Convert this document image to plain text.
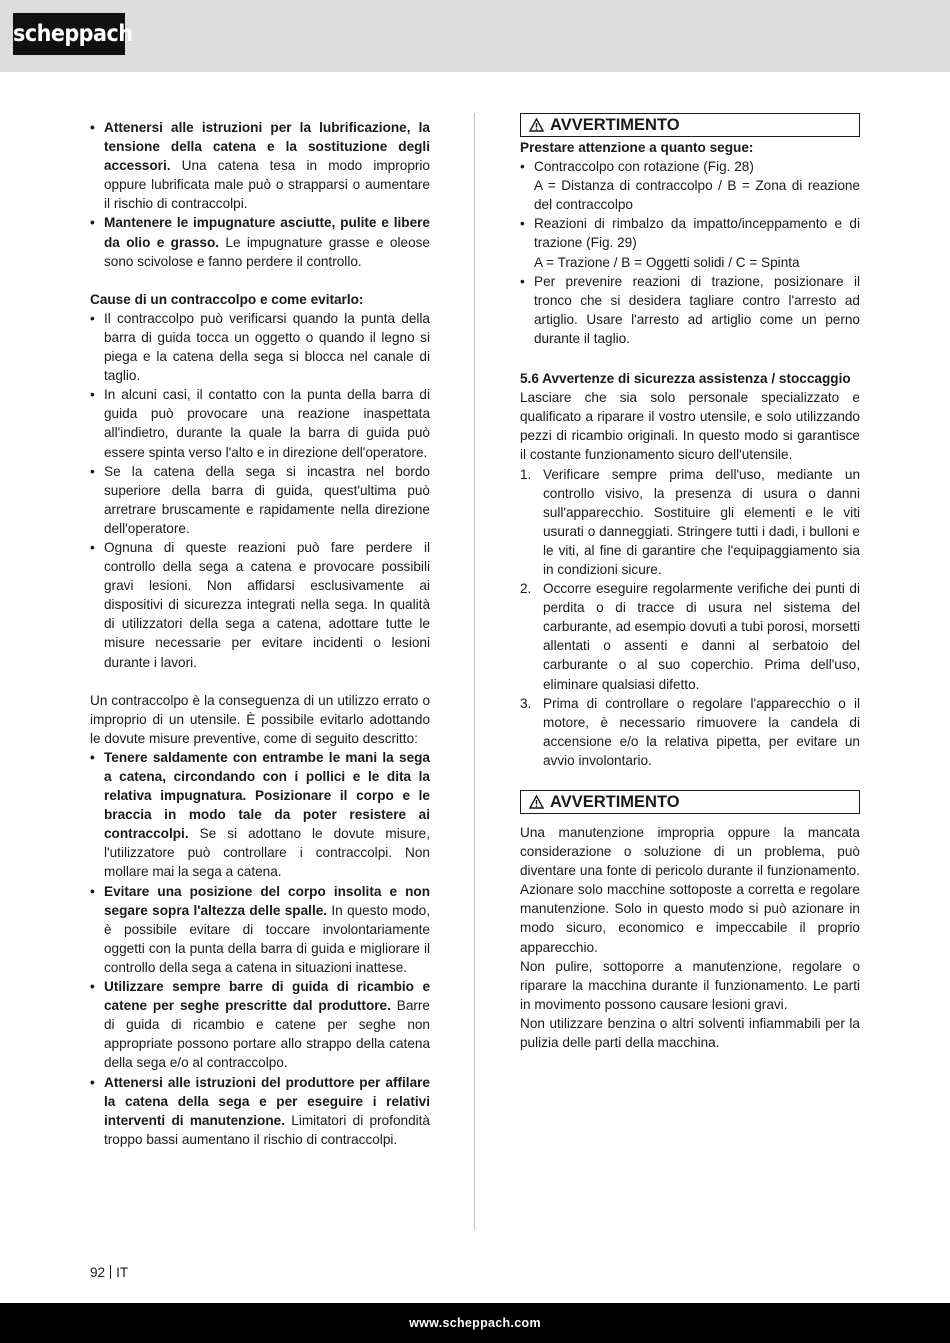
scheppach
• Attenersi alle istruzioni per la lubrificazione, la tensione della catena e la sostituzione degli accessori. Una catena tesa in modo improprio oppure lubrificata male può o strapparsi o aumentare il rischio di contraccolpi.
• Mantenere le impugnature asciutte, pulite e libere da olio e grasso. Le impugnature grasse e oleose sono scivolose e fanno perdere il controllo.

Cause di un contraccolpo e come evitarlo:

• Il contraccolpo può verificarsi quando la punta della barra di guida tocca un oggetto o quando il legno si piega e la catena della sega si blocca nel canale di taglio.
• In alcuni casi, il contatto con la punta della barra di guida può provocare una reazione inaspettata all'indietro, durante la quale la barra di guida può essere spinta verso l'alto e in direzione dell'operatore.
• Se la catena della sega si incastra nel bordo superiore della barra di guida, quest'ultima può arretrare bruscamente e rapidamente nella direzione dell'operatore.
• Ognuna di queste reazioni può fare perdere il controllo della sega a catena e provocare possibili gravi lesioni. Non affidarsi esclusivamente ai dispositivi di sicurezza integrati nella sega. In qualità di utilizzatori della sega a catena, adottare tutte le misure necessarie per evitare incidenti o lesioni durante i lavori.

Un contraccolpo è la conseguenza di un utilizzo errato o improprio di un utensile. È possibile evitarlo adottando le dovute misure preventive, come di seguito descritto:

• Tenere saldamente con entrambe le mani la sega a catena, circondando con i pollici e le dita la relativa impugnatura. Posizionare il corpo e le braccia in modo tale da poter resistere ai contraccolpi. Se si adottano le dovute misure, l'utilizzatore può controllare i contraccolpi. Non mollare mai la sega a catena.
• Evitare una posizione del corpo insolita e non segare sopra l'altezza delle spalle. In questo modo, è possibile evitare di toccare involontariamente oggetti con la punta della barra di guida e migliorare il controllo della sega a catena in situazioni inattese.
• Utilizzare sempre barre di guida di ricambio e catene per seghe prescritte dal produttore. Barre di guida di ricambio e catene per seghe non appropriate possono portare allo strappo della catena della sega e/o al contraccolpo.
• Attenersi alle istruzioni del produttore per affilare la catena della sega e per eseguire i relativi interventi di manutenzione. Limitatori di profondità troppo bassi aumentano il rischio di contraccolpi.
AVVERTIMENTO

Prestare attenzione a quanto segue:

• Contraccolpo con rotazione (Fig. 28)
A = Distanza di contraccolpo / B = Zona di reazione del contraccolpo
• Reazioni di rimbalzo da impatto/inceppamento e di trazione (Fig. 29)
A = Trazione / B = Oggetti solidi / C = Spinta
• Per prevenire reazioni di trazione, posizionare il tronco che si desidera tagliare contro l'arresto ad artiglio. Usare l'arresto ad artiglio come un perno durante il taglio.

5.6 Avvertenze di sicurezza assistenza / stoccaggio

Lasciare che sia solo personale specializzato e qualificato a riparare il vostro utensile, e solo utilizzando pezzi di ricambio originali. In questo modo si garantisce il costante funzionamento sicuro dell'utensile.

1. Verificare sempre prima dell'uso, mediante un controllo visivo, la presenza di usura o danni sull'apparecchio. Sostituire gli elementi e le viti usurati o danneggiati. Stringere tutti i dadi, i bulloni e le viti, al fine di garantire che l'equipaggiamento sia in condizioni sicure.
2. Occorre eseguire regolarmente verifiche dei punti di perdita o di tracce di usura nel sistema del carburante, ad esempio dovuti a tubi porosi, morsetti allentati o assenti e danni al serbatoio del carburante o al suo coperchio. Prima dell'uso, eliminare qualsiasi difetto.
3. Prima di controllare o regolare l'apparecchio o il motore, è necessario rimuovere la candela di accensione e/o la relativa pipetta, per evitare un avvio involontario.
AVVERTIMENTO

Una manutenzione impropria oppure la mancata considerazione o soluzione di un problema, può diventare una fonte di pericolo durante il funzionamento. Azionare solo macchine sottoposte a corretta e regolare manutenzione. Solo in questo modo si può azionare in modo sicuro, economico e impeccabile il proprio apparecchio.

Non pulire, sottoporre a manutenzione, regolare o riparare la macchina durante il funzionamento. Le parti in movimento possono causare lesioni gravi.

Non utilizzare benzina o altri solventi infiammabili per la pulizia delle parti della macchina.

92 IT
www.scheppach.com
